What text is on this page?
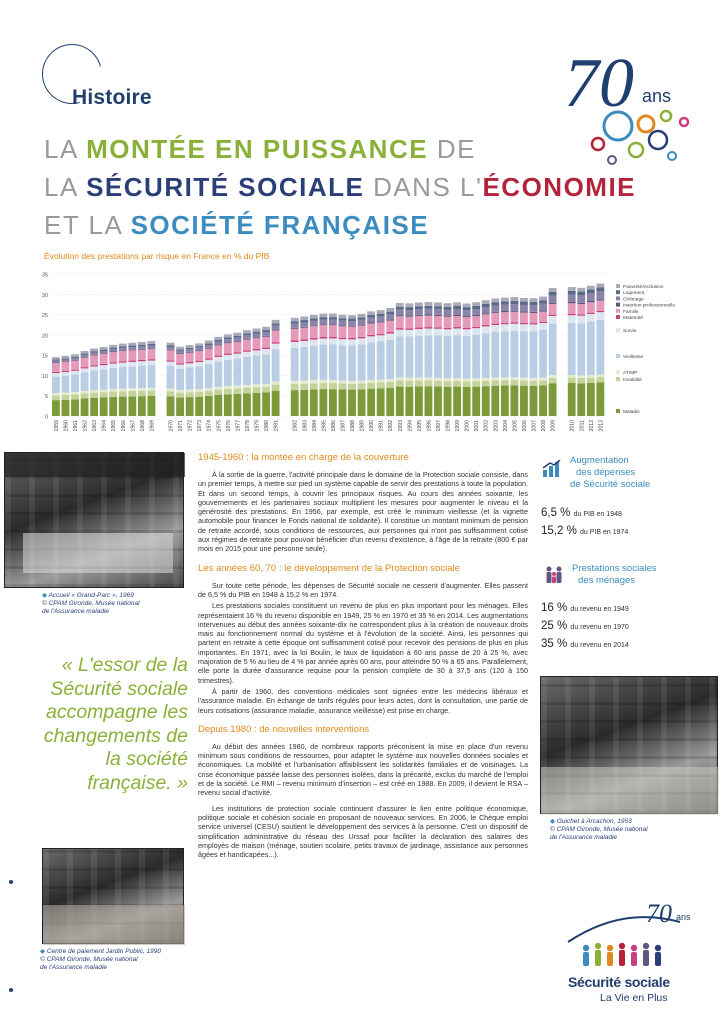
Histoire
LA MONTÉE EN PUISSANCE DE
LA SÉCURITÉ SOCIALE DANS L'ÉCONOMIE
ET LA SOCIÉTÉ FRANÇAISE
70 ans
Évolution des prestations par risque en France en % du PIB
0
5
10
15
20
25
30
35
1959 1960 1961 1962 1963 1964 1965 1966 1967 1968 1969	1970 1971 1972 1973 1974 1975 1976 1977 1978 1979 1980 1981	1982 1983 1984 1985 1986 1987 1988 1989 1990 1991 1992 1993 1994 1995 1996 1997 1998 1999 2000 2001 2002 2003 2004 2005 2006 2007 2008 2009	2010 2011 2012 2013
Pauvreté/exclusion
Logement
Chômage
Insertion professionnelle
Famille
Maternité
Survie
Vieillesse
AT/MP
Invalidité
Maladie
◆ Accueil « Grand-Parc », 1969
© CPAM Gironde, Musée national
de l'Assurance maladie
« L'essor de la Sécurité sociale accompagne les changements de la société française. »
◆ Centre de paiement Jardin Public, 1990
© CPAM Gironde, Musée national
de l'Assurance maladie
1945-1960 : la montée en charge de la couverture

À la sortie de la guerre, l'activité principale dans le domaine de la Protection sociale consiste, dans un premier temps, à mettre sur pied un système capable de servir des prestations à toute la population. Et dans un second temps, à couvrir les principaux risques. Au cours des années soixante, les gouvernements et les partenaires sociaux multiplient les mesures pour augmenter le niveau et la générosité des prestations. En 1956, par exemple, est créé le minimum vieillesse (et la vignette automobile pour financer le Fonds national de solidarité). Il constitue un montant minimum de pension de retraite accordé, sous conditions de ressources, aux personnes qui n'ont pas suffisamment cotisé aux régimes de retraite pour pouvoir bénéficier d'un revenu d'existence, à l'âge de la retraite (800 € par mois en 2015 pour une personne seule).

Les années 60, 70 : le développement de la Protection sociale

Sur toute cette période, les dépenses de Sécurité sociale ne cessent d'augmenter. Elles passent de 6,5 % du PIB en 1948 à 15,2 % en 1974.

Les prestations sociales constituent un revenu de plus en plus important pour les ménages. Elles représentaient 16 % du revenu disponible en 1949, 25 % en 1970 et 35 % en 2014. Les augmentations intervenues au début des années soixante-dix ne correspondent plus à la création de nouveaux droits mais au fonctionnement normal du système et à l'évolution de la société. Ainsi, les personnes qui partent en retraite à cette époque ont suffisamment cotisé pour recevoir des pensions de plus en plus importantes. En 1971, avec la loi Boulin, le taux de liquidation à 60 ans passe de 20 à 25 %, avec majoration de 5 % au lieu de 4 % par année après 60 ans, pour atteindre 50 % à 65 ans. Parallèlement, elle porte la durée d'assurance requise pour la pension complète de 30 à 37,5 ans (120 à 150 trimestres).

À partir de 1960, des conventions médicales sont signées entre les médecins libéraux et l'assurance maladie. En échange de tarifs régulés pour leurs actes, dont la consultation, une partie de leurs cotisations (assurance maladie, assurance vieillesse) est prise en charge.

Depuis 1980 : de nouvelles interventions

Au début des années 1980, de nombreux rapports préconisent la mise en place d'un revenu minimum sous conditions de ressources, pour adapter le système aux nouvelles données sociales et économiques. La mobilité et l'urbanisation affaiblissent les solidarités familiales et de voisinages. La crise économique passée laisse des personnes isolées, dans la précarité, exclus du marché de l'emploi et de la société. Le RMI – revenu minimum d'insertion – est créé en 1988. En 2009, il devient le RSA – revenu social d'activité.

Les institutions de protection sociale continuent d'assurer le lien entre politique économique, politique sociale et cohésion sociale en proposant de nouveaux services. En 2006, le Chèque emploi service universel (CESU) soutient le développement des services à la personne. C'est un dispositif de simplification administrative du réseau des Urssaf pour faciliter la déclaration des salaires des employés de maison (ménage, soutien scolaire, petits travaux de jardinage, assistance aux personnes âgées et handicapées...).

Augmentation
des dépenses
de Sécurité sociale
6,5 % du PIB en 1948
15,2 % du PIB en 1974
Prestations sociales
des ménages
16 % du revenu en 1949
25 % du revenu en 1970
35 % du revenu en 2014
◆ Guichet à Arcachon, 1953
© CPAM Gironde, Musée national
de l'Assurance maladie
70 ans
Sécurité sociale
La Vie en Plus
